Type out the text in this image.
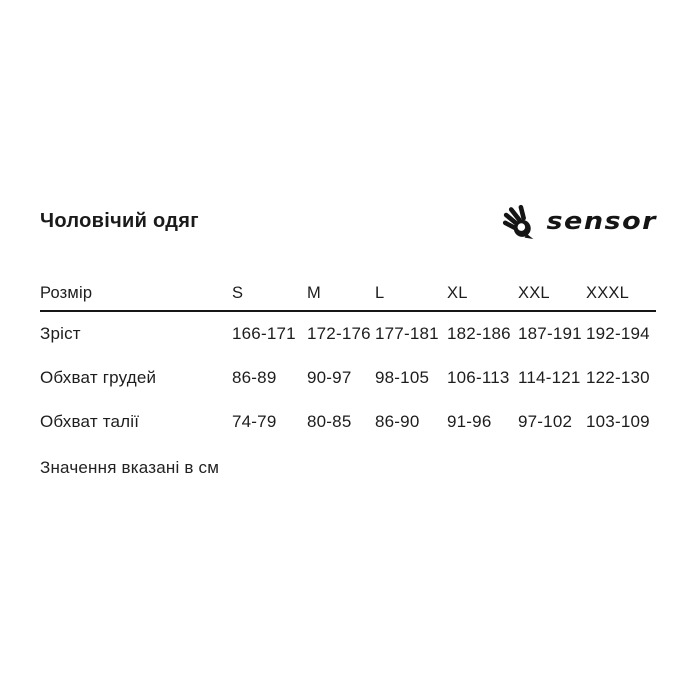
Чоловічий одяг	sensor
Розмір	S	M	L	XL	XXL	XXXL
Зріст	166-171 172-176 177-181 182-186 187-191 192-194
Обхват грудей	86-89	90-97	98-105	106-113 114-121 122-130
Обхват талії	74-79	80-85	86-90	91-96	97-102 103-109
Значення вказані в см
